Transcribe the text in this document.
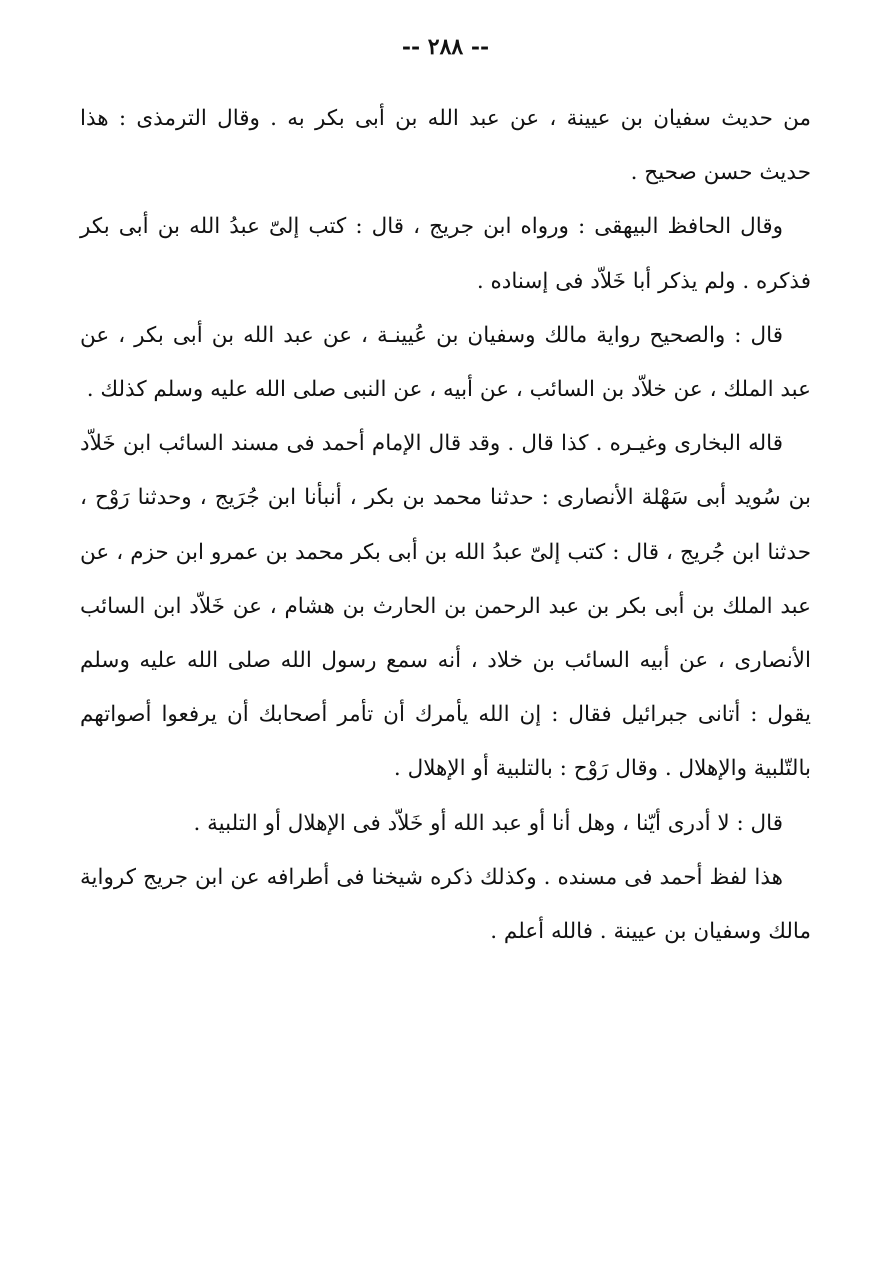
-- ٢٨٨ --

من حديث سفيان بن عيينة ، عن عبد الله بن أبى بكر به . وقال الترمذى : هذا حديث حسن صحيح .

وقال الحافظ البيهقى : ورواه ابن جريج ، قال : كتب إلىّ عبدُ الله بن أبى بكر فذكره . ولم يذكر أبا خَلاّد فى إسناده .

قال : والصحيح رواية مالك وسفيان بن عُيينـة ، عن عبد الله بن أبى بكر ، عن عبد الملك ، عن خلاّد بن السائب ، عن أبيه ، عن النبى صلى الله عليه وسلم كذلك .

قاله البخارى وغيـره . كذا قال . وقد قال الإمام أحمد فى مسند السائب ابن خَلاّد بن سُويد أبى سَهْلة الأنصارى : حدثنا محمد بن بكر ، أنبأنا ابن جُرَيج ، وحدثنا رَوْح ، حدثنا ابن جُريج ، قال : كتب إلىّ عبدُ الله بن أبى بكر محمد بن عمرو ابن حزم ، عن عبد الملك بن أبى بكر بن عبد الرحمن بن الحارث بن هشام ، عن خَلاّد ابن السائب الأنصارى ، عن أبيه السائب بن خلاد ، أنه سمع رسول الله صلى الله عليه وسلم يقول : أتانى جبرائيل فقال : إن الله يأمرك أن تأمر أصحابك أن يرفعوا أصواتهم بالتّلبية والإهلال . وقال رَوْح : بالتلبية أو الإهلال .

قال : لا أدرى أيّنا ، وهل أنا أو عبد الله أو خَلاّد فى الإهلال أو التلبية .

هذا لفظ أحمد فى مسنده . وكذلك ذكره شيخنا فى أطرافه عن ابن جريج كرواية مالك وسفيان بن عيينة . فالله أعلم .
